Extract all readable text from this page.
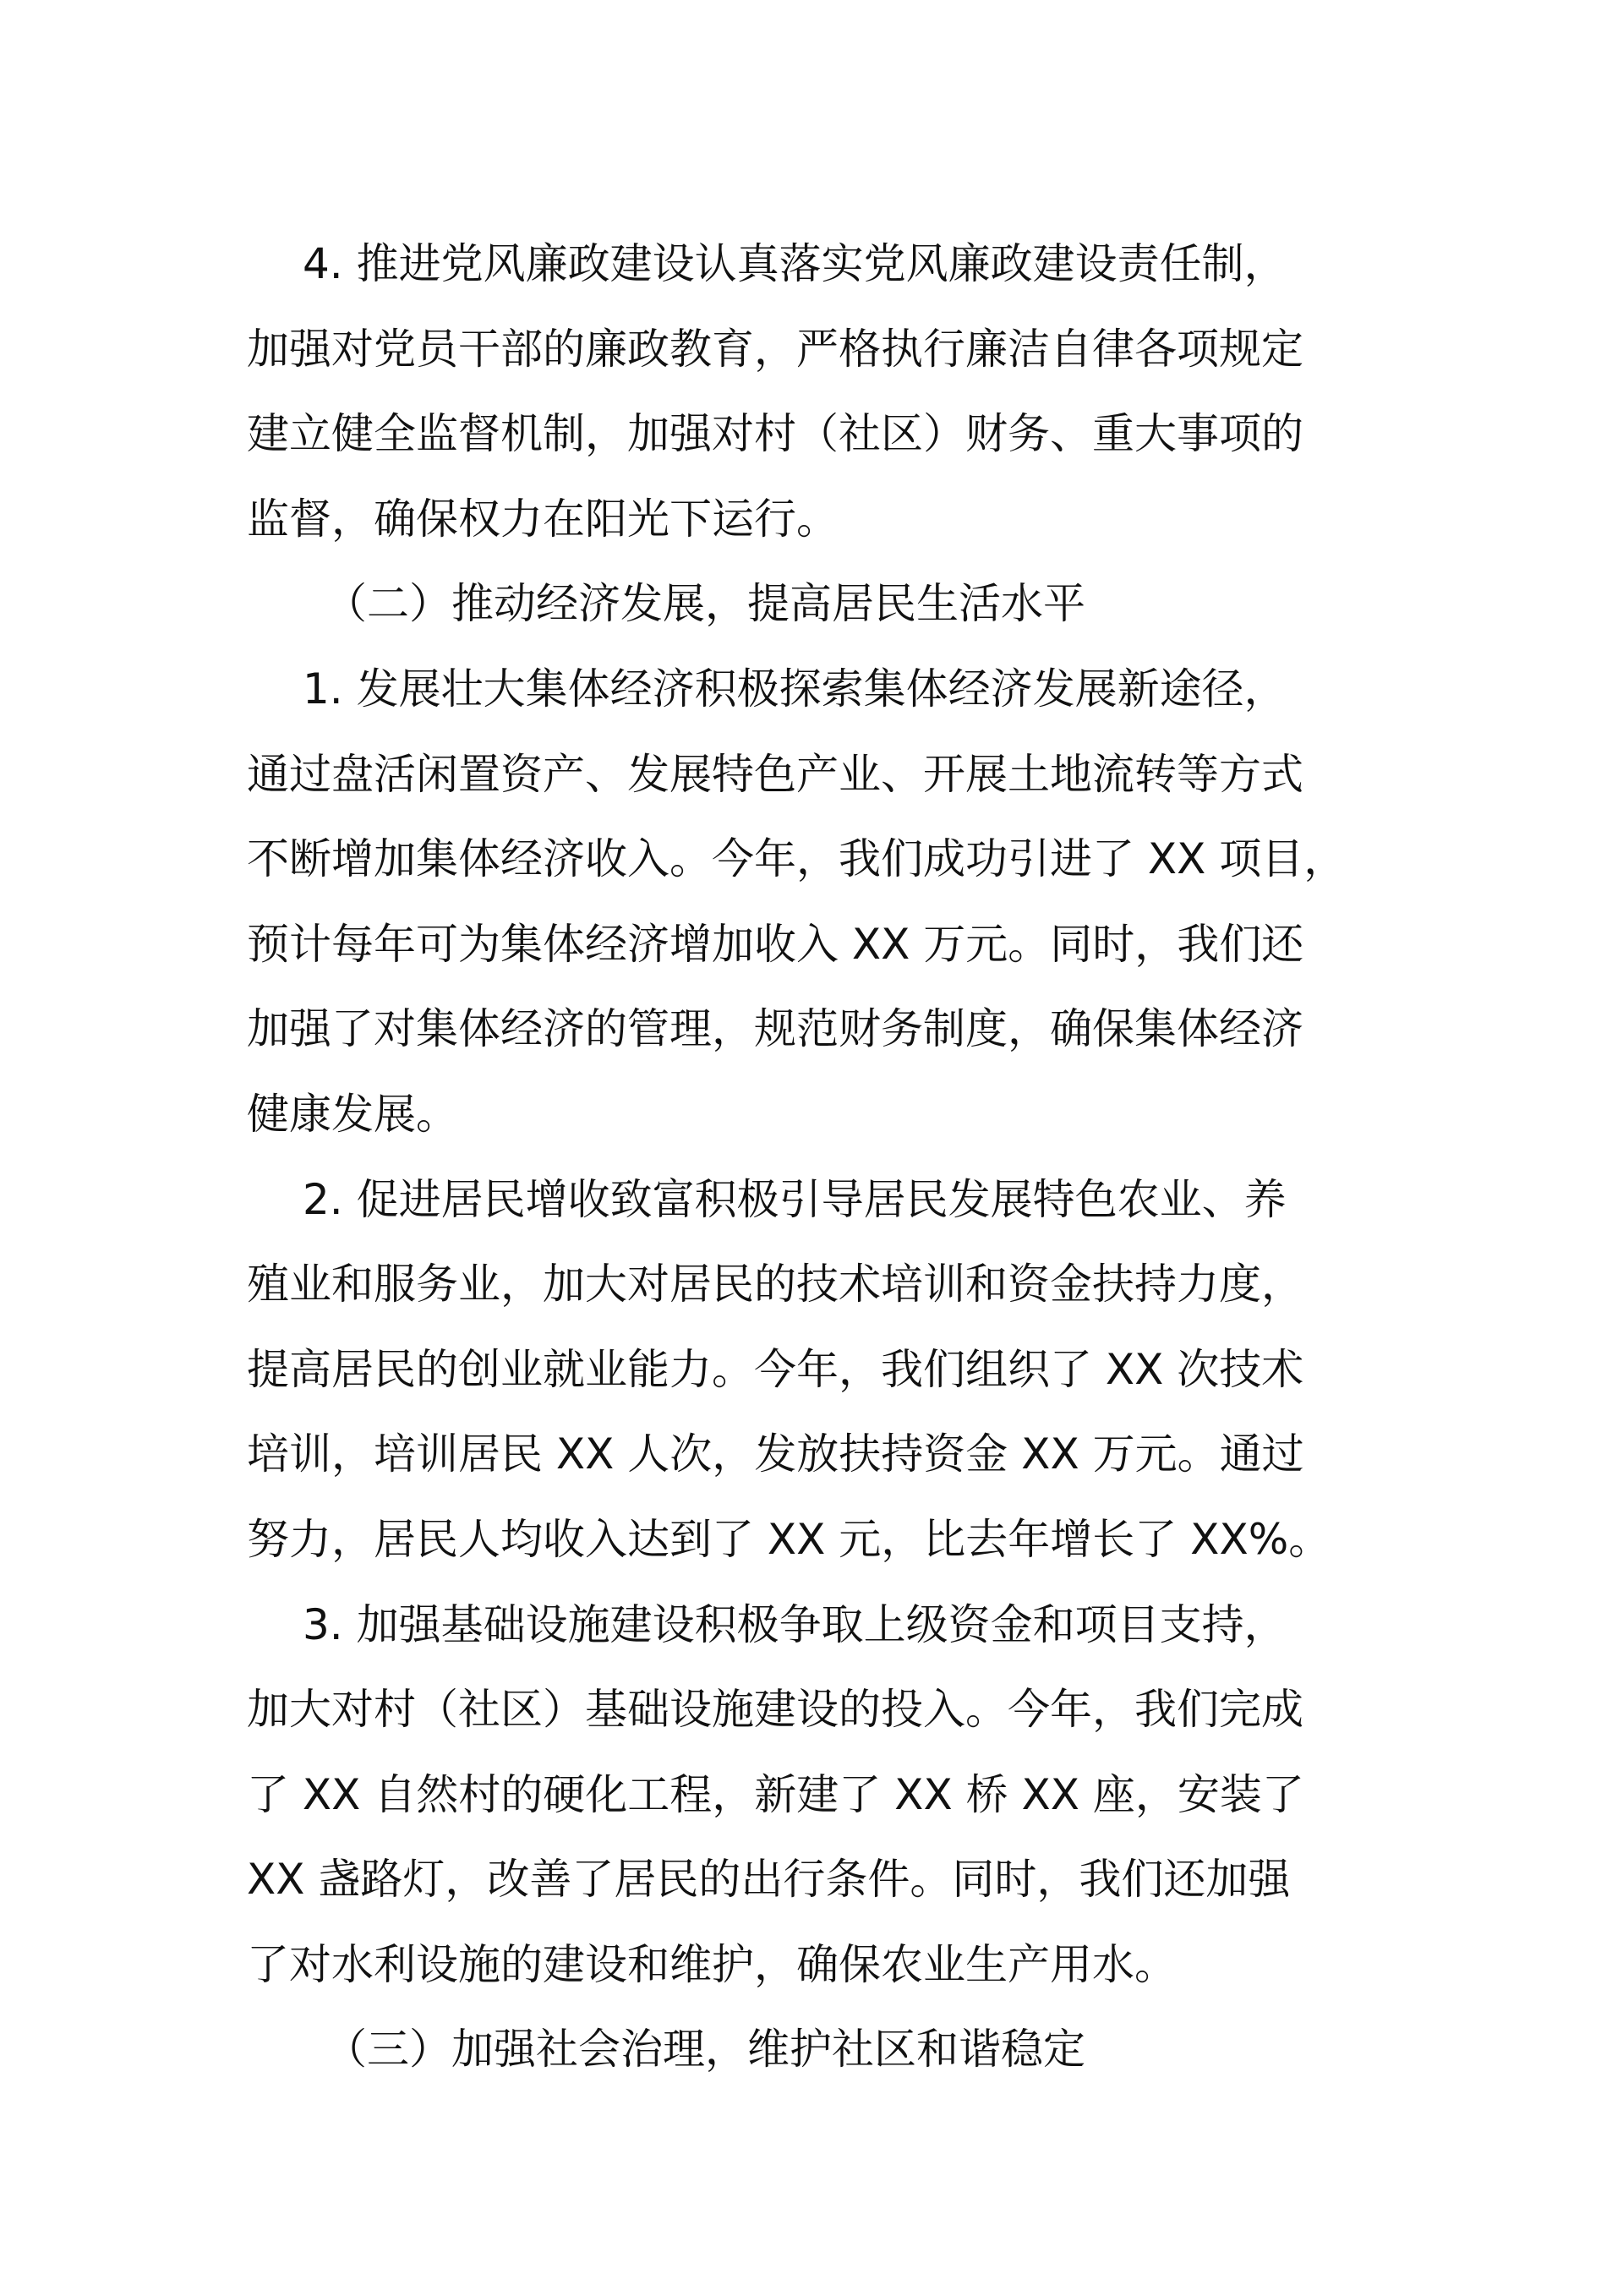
4. 推进党风廉政建设认真落实党风廉政建设责任制，
加强对党员干部的廉政教育，严格执行廉洁自律各项规定
建立健全监督机制，加强对村（社区）财务、重大事项的
监督，确保权力在阳光下运行。
（二）推动经济发展，提高居民生活水平
1. 发展壮大集体经济积极探索集体经济发展新途径，
通过盘活闲置资产、发展特色产业、开展土地流转等方式
不断增加集体经济收入。今年，我们成功引进了 XX 项目，
预计每年可为集体经济增加收入 XX 万元。同时，我们还
加强了对集体经济的管理，规范财务制度，确保集体经济
健康发展。
2. 促进居民增收致富积极引导居民发展特色农业、养
殖业和服务业，加大对居民的技术培训和资金扶持力度，
提高居民的创业就业能力。今年，我们组织了 XX 次技术
培训，培训居民 XX 人次，发放扶持资金 XX 万元。通过
努力，居民人均收入达到了 XX 元，比去年增长了 XX%。
3. 加强基础设施建设积极争取上级资金和项目支持，
加大对村（社区）基础设施建设的投入。今年，我们完成
了 XX 自然村的硬化工程，新建了 XX 桥 XX 座，安装了
XX 盏路灯，改善了居民的出行条件。同时，我们还加强
了对水利设施的建设和维护，确保农业生产用水。
（三）加强社会治理，维护社区和谐稳定
